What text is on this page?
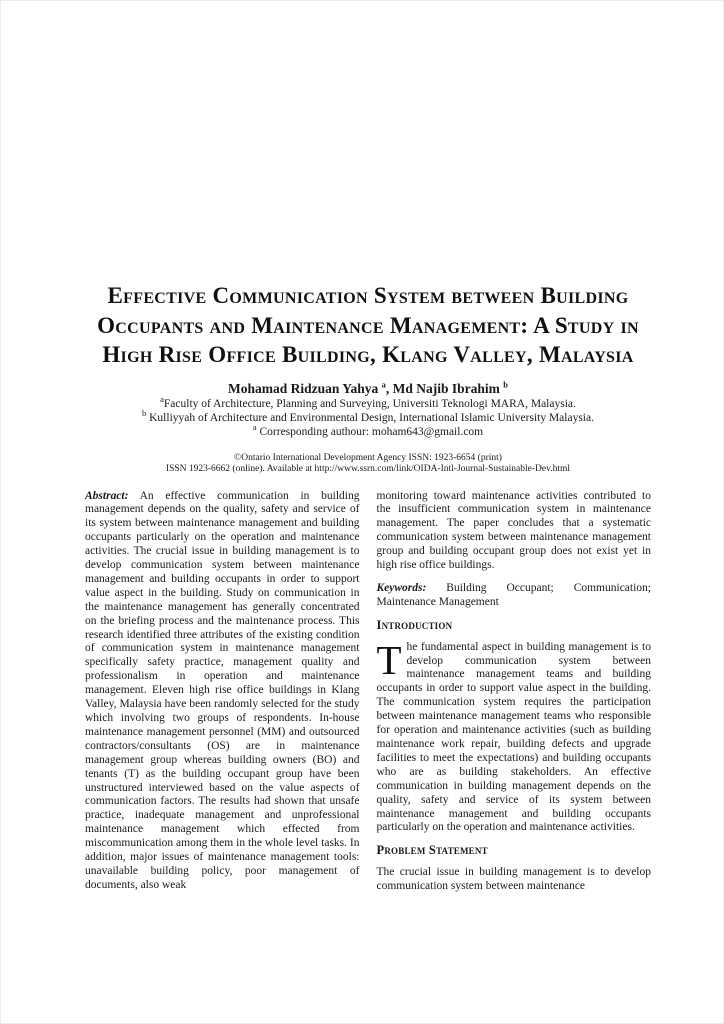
Effective Communication System between Building
Occupants and Maintenance Management: A Study in
High Rise Office Building, Klang Valley, Malaysia
Mohamad Ridzuan Yahya $^a$, Md Najib Ibrahim $^b$
$^a$Faculty of Architecture, Planning and Surveying, Universiti Teknologi MARA, Malaysia.
$^b$ Kulliyyah of Architecture and Environmental Design, International Islamic University Malaysia.
$^a$ Corresponding authour: moham643@gmail.com
©Ontario International Development Agency ISSN: 1923-6654 (print)
ISSN 1923-6662 (online). Available at http://www.ssrn.com/link/OIDA-Intl-Journal-Sustainable-Dev.html

Abstract: An effective communication in building management depends on the quality, safety and service of its system between maintenance management and building occupants particularly on the operation and maintenance activities. The crucial issue in building management is to develop communication system between maintenance management and building occupants in order to support value aspect in the building. Study on communication in the maintenance management has generally concentrated on the briefing process and the maintenance process. This research identified three attributes of the existing condition of communication system in maintenance management specifically safety practice, management quality and professionalism in operation and maintenance management. Eleven high rise office buildings in Klang Valley, Malaysia have been randomly selected for the study which involving two groups of respondents. In-house maintenance management personnel (MM) and outsourced contractors/consultants (OS) are in maintenance management group whereas building owners (BO) and tenants (T) as the building occupant group have been unstructured interviewed based on the value aspects of communication factors. The results had shown that unsafe practice, inadequate management and unprofessional maintenance management which effected from miscommunication among them in the whole level tasks. In addition, major issues of maintenance management tools: unavailable building policy, poor management of documents, also weak

monitoring toward maintenance activities contributed to the insufficient communication system in maintenance management. The paper concludes that a systematic communication system between maintenance management group and building occupant group does not exist yet in high rise office buildings.

Keywords: Building Occupant; Communication; Maintenance Management

Introduction

The fundamental aspect in building management is to develop communication system between maintenance management teams and building occupants in order to support value aspect in the building. The communication system requires the participation between maintenance management teams who responsible for operation and maintenance activities (such as building maintenance work repair, building defects and upgrade facilities to meet the expectations) and building occupants who are as building stakeholders. An effective communication in building management depends on the quality, safety and service of its system between maintenance management and building occupants particularly on the operation and maintenance activities.

Problem Statement

The crucial issue in building management is to develop communication system between maintenance
